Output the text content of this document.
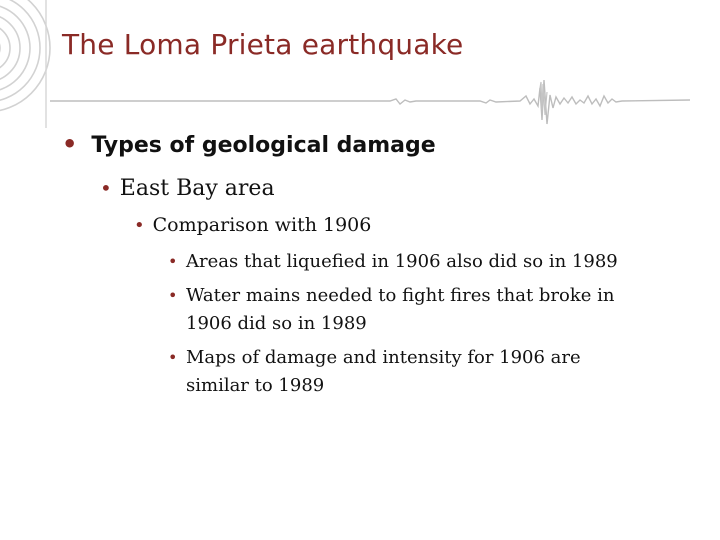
The Loma Prieta earthquake
• Types of geological damage
• East Bay area
• Comparison with 1906
• Areas that liquefied in 1906 also did so in 1989
• Water mains needed to fight fires that broke in 1906 did so in 1989
• Maps of damage and intensity for 1906 are similar to 1989
